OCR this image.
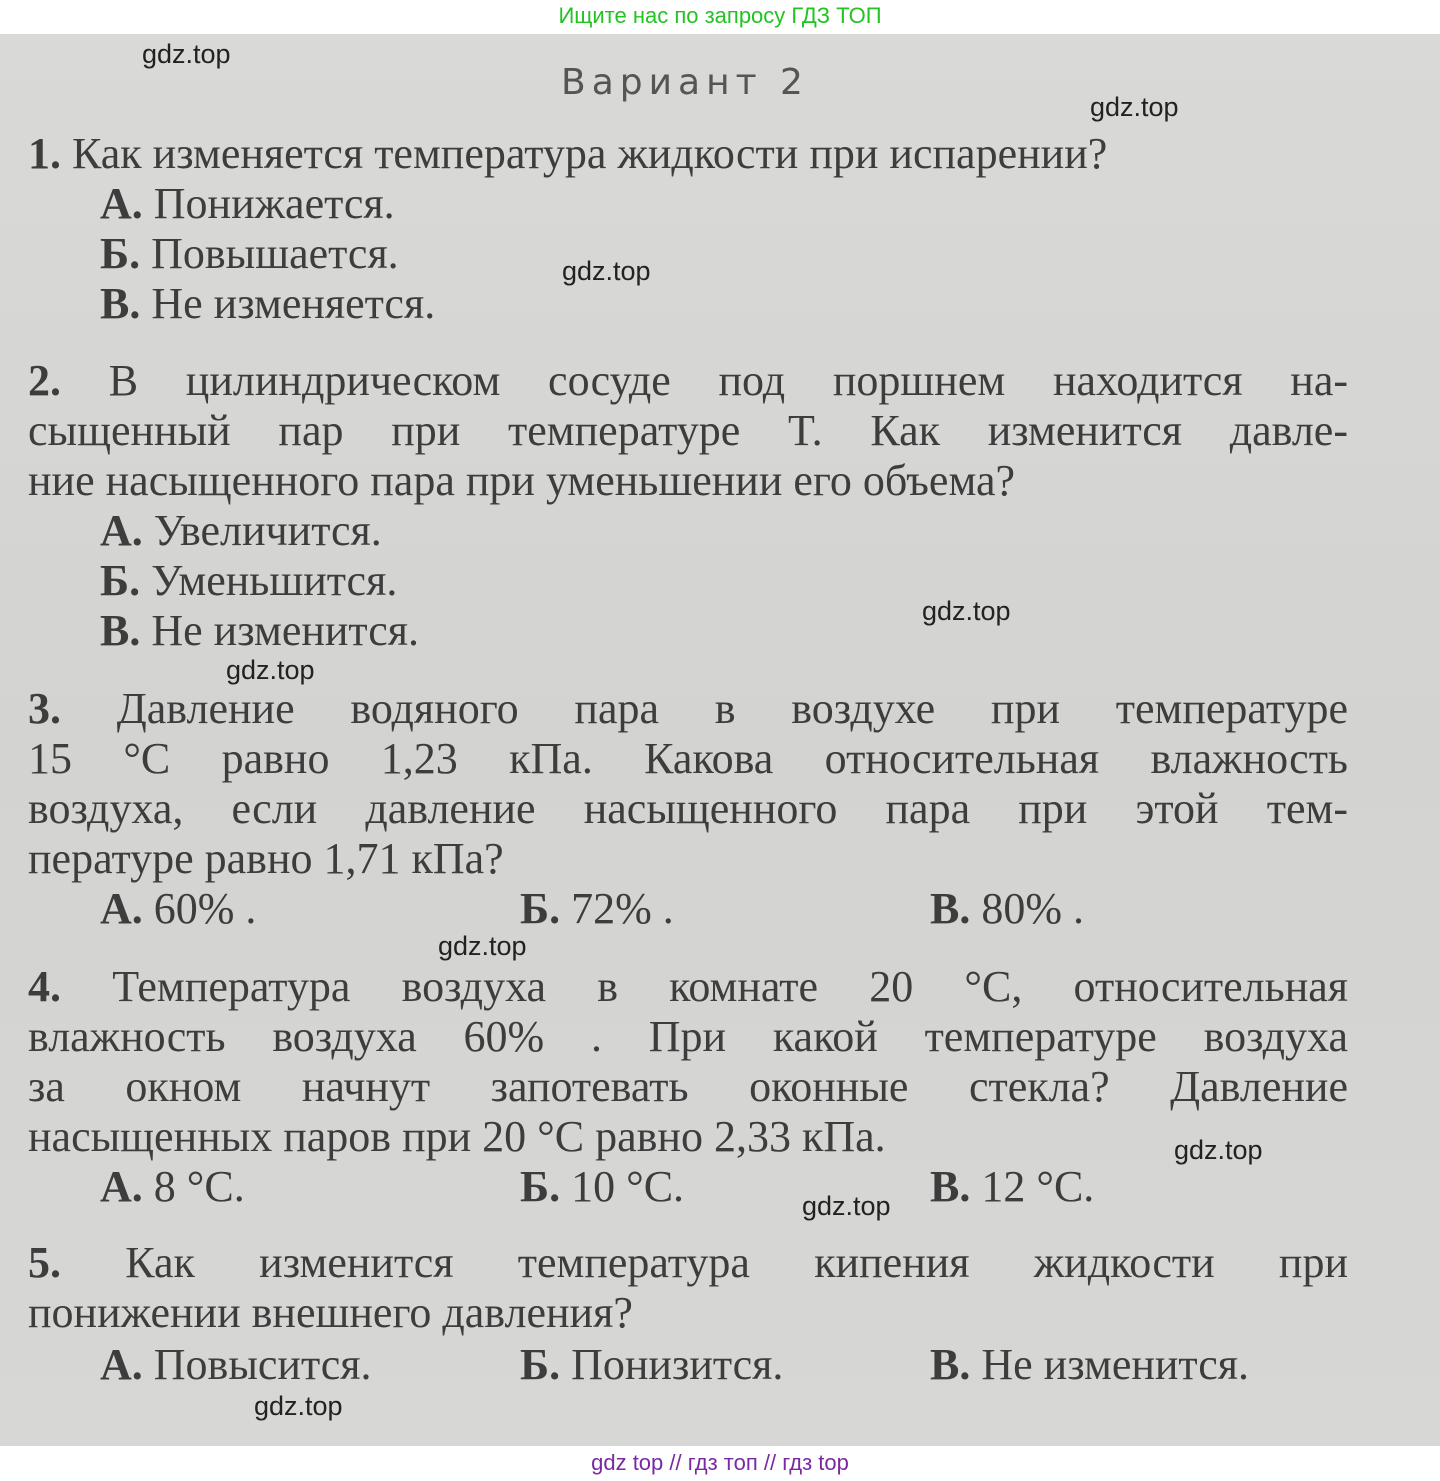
Ищите нас по запросу ГДЗ ТОП
Вариант 2
1. Как изменяется температура жидкости при испарении?
А. Понижается.
Б. Повышается.
В. Не изменяется.
2. В цилиндрическом сосуде под поршнем находится на-
сыщенный пар при температуре T. Как изменится давле-
ние насыщенного пара при уменьшении его объема?
А. Увеличится.
Б. Уменьшится.
В. Не изменится.
3. Давление водяного пара в воздухе при температуре
15 °С равно 1,23 кПа. Какова относительная влажность
воздуха, если давление насыщенного пара при этой тем-
пературе равно 1,71 кПа?
А. 60% .	Б. 72% .	В. 80% .
4. Температура воздуха в комнате 20 °С, относительная
влажность воздуха 60% . При какой температуре воздуха
за окном начнут запотевать оконные стекла? Давление
насыщенных паров при 20 °С равно 2,33 кПа.
А. 8 °С.	Б. 10 °С.	В. 12 °С.
5. Как изменится температура кипения жидкости при
понижении внешнего давления?
А. Повысится.	Б. Понизится.	В. Не изменится.
gdz.top
gdz.top
gdz.top
gdz.top
gdz.top
gdz.top
gdz.top
gdz.top
gdz.top
gdz top // гдз топ // гдз top
